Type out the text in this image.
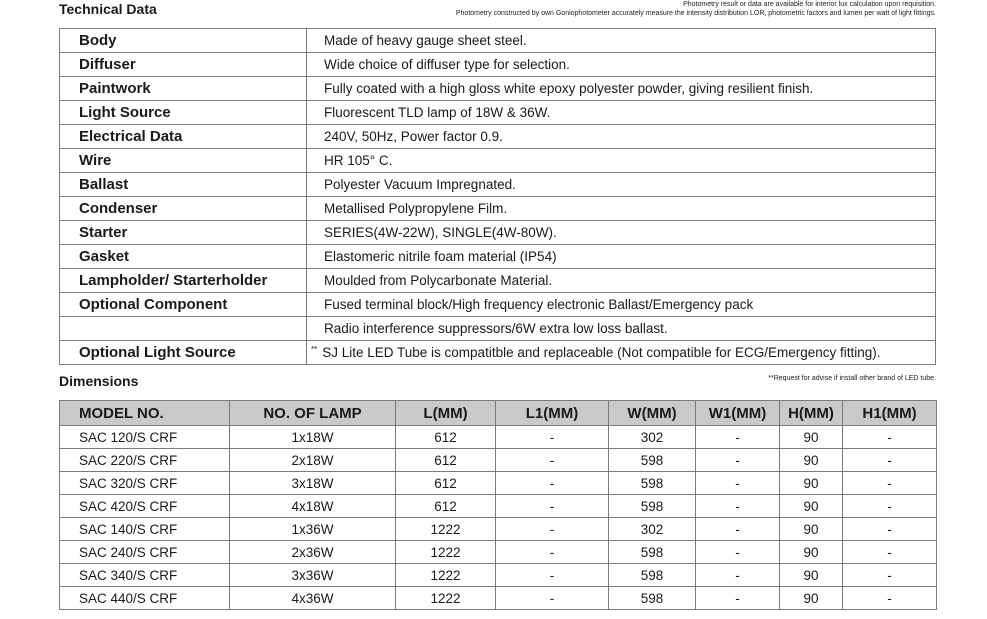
Technical Data	Photometry result or data are available for interior lux calculation upon requisition.
Photometry constructed by own Goniophotometer accurately measure the intensity distribution LOR, photometric factors and lumen per watt of light fittings.
Body	Made of heavy gauge sheet steel.
Diffuser	Wide choice of diffuser type for selection.
Paintwork	Fully coated with a high gloss white epoxy polyester powder, giving resilient finish.
Light Source	Fluorescent TLD lamp of 18W & 36W.
Electrical Data	240V, 50Hz, Power factor 0.9.
Wire	HR 105° C.
Ballast	Polyester Vacuum Impregnated.
Condenser	Metallised Polypropylene Film.
Starter	SERIES(4W-22W), SINGLE(4W-80W).
Gasket	Elastomeric nitrile foam material (IP54)
Lampholder/ Starterholder	Moulded from Polycarbonate Material.
Optional Component	Fused terminal block/High frequency electronic Ballast/Emergency pack
	Radio interference suppressors/6W extra low loss ballast.
Optional Light Source	** SJ Lite LED Tube is compatitble and replaceable (Not compatible for ECG/Emergency fitting).
Dimensions	**Request for advise if install other brand of LED tube.
MODEL NO.	NO. OF LAMP	L(MM)	L1(MM)	W(MM)	W1(MM)	H(MM)	H1(MM)
SAC 120/S CRF	1x18W	612	-	302	-	90	-
SAC 220/S CRF	2x18W	612	-	598	-	90	-
SAC 320/S CRF	3x18W	612	-	598	-	90	-
SAC 420/S CRF	4x18W	612	-	598	-	90	-
SAC 140/S CRF	1x36W	1222	-	302	-	90	-
SAC 240/S CRF	2x36W	1222	-	598	-	90	-
SAC 340/S CRF	3x36W	1222	-	598	-	90	-
SAC 440/S CRF	4x36W	1222	-	598	-	90	-
